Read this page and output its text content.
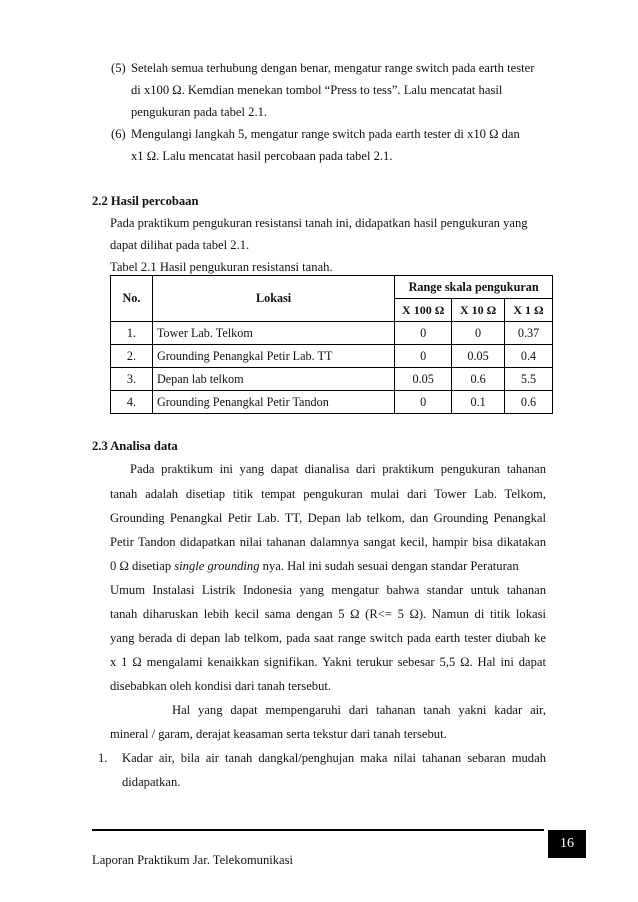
(5) Setelah semua terhubung dengan benar, mengatur range switch pada earth tester
di x100 Ω. Kemdian menekan tombol “Press to tess”. Lalu mencatat hasil
pengukuran pada tabel 2.1.
(6) Mengulangi langkah 5, mengatur range switch pada earth tester di x10 Ω dan
x1 Ω. Lalu mencatat hasil percobaan pada tabel 2.1.
2.2 Hasil percobaan
Pada praktikum pengukuran resistansi tanah ini, didapatkan hasil pengukuran yang
dapat dilihat pada tabel 2.1.
Tabel 2.1 Hasil pengukuran resistansi tanah.
No.	Lokasi	Range skala pengukuran		
		X 100 Ω	X 10 Ω	X 1 Ω
1.	Tower Lab. Telkom	0	0	0.37
2.	Grounding Penangkal Petir Lab. TT	0	0.05	0.4
3.	Depan lab telkom	0.05	0.6	5.5
4.	Grounding Penangkal Petir Tandon	0	0.1	0.6
2.3 Analisa data
Pada praktikum ini yang dapat dianalisa dari praktikum pengukuran tahanan
tanah adalah disetiap titik tempat pengukuran mulai dari Tower Lab. Telkom,
Grounding Penangkal Petir Lab. TT, Depan lab telkom, dan Grounding Penangkal
Petir Tandon didapatkan nilai tahanan dalamnya sangat kecil, hampir bisa dikatakan
0 Ω disetiap single grounding nya. Hal ini sudah sesuai dengan standar Peraturan
Umum Instalasi Listrik Indonesia yang mengatur bahwa standar untuk tahanan
tanah diharuskan lebih kecil sama dengan 5 Ω (R<= 5 Ω). Namun di titik lokasi
yang berada di depan lab telkom, pada saat range switch pada earth tester diubah ke
x 1 Ω mengalami kenaikkan signifikan. Yakni terukur sebesar 5,5 Ω. Hal ini dapat
disebabkan oleh kondisi dari tanah tersebut.
Hal yang dapat mempengaruhi dari tahanan tanah yakni kadar air,
mineral / garam, derajat keasaman serta tekstur dari tanah tersebut.
1. Kadar air, bila air tanah dangkal/penghujan maka nilai tahanan sebaran mudah
didapatkan.
16
Laporan Praktikum Jar. Telekomunikasi
